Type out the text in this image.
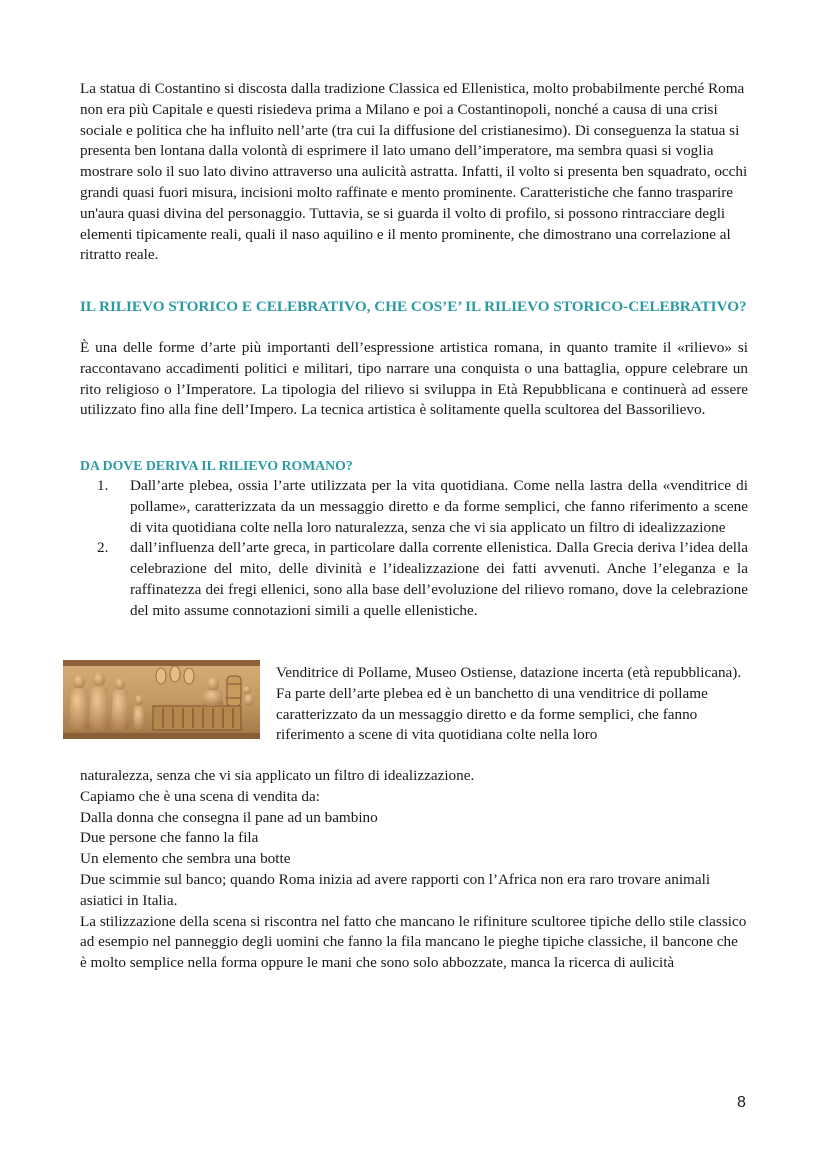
La statua di Costantino si discosta dalla tradizione Classica ed Ellenistica, molto probabilmente perché Roma non era più Capitale e questi risiedeva prima a Milano e poi a Costantinopoli, nonché a causa di una crisi sociale e politica che ha influito nell’arte (tra cui la diffusione del cristianesimo). Di conseguenza la statua si presenta ben lontana dalla volontà di esprimere il lato umano dell’imperatore, ma sembra quasi si voglia mostrare solo il suo lato divino attraverso una aulicità astratta. Infatti, il volto si presenta ben squadrato, occhi grandi quasi fuori misura, incisioni molto raffinate e mento prominente. Caratteristiche che fanno trasparire un'aura quasi divina del personaggio. Tuttavia, se si guarda il volto di profilo, si possono rintracciare degli elementi tipicamente reali, quali il naso aquilino e il mento prominente, che dimostrano una correlazione al ritratto reale.

IL RILIEVO STORICO E CELEBRATIVO, CHE COS’E’ IL RILIEVO STORICO-CELEBRATIVO?

È una delle forme d’arte più importanti dell’espressione artistica romana, in quanto tramite il «rilievo» si raccontavano accadimenti politici e militari, tipo narrare una conquista o una battaglia, oppure celebrare un rito religioso o l’Imperatore. La tipologia del rilievo si sviluppa in Età Repubblicana e continuerà ad essere utilizzato fino alla fine dell’Impero. La tecnica artistica è solitamente quella scultorea del Bassorilievo.

DA DOVE DERIVA IL RILIEVO ROMANO?
1. Dall’arte plebea, ossia l’arte utilizzata per la vita quotidiana. Come nella lastra della «venditrice di pollame», caratterizzata da un messaggio diretto e da forme semplici, che fanno riferimento a scene di vita quotidiana colte nella loro naturalezza, senza che vi sia applicato un filtro di idealizzazione
2. dall’influenza dell’arte greca, in particolare dalla corrente ellenistica. Dalla Grecia deriva l’idea della celebrazione del mito, delle divinità e l’idealizzazione dei fatti avvenuti. Anche l’eleganza e la raffinatezza dei fregi ellenici, sono alla base dell’evoluzione del rilievo romano, dove la celebrazione del mito assume connotazioni simili a quelle ellenistiche.
Venditrice di Pollame, Museo Ostiense, datazione incerta (età repubblicana).
Fa parte dell’arte plebea ed è un banchetto di una venditrice di pollame caratterizzato da un messaggio diretto e da forme semplici, che fanno riferimento a scene di vita quotidiana colte nella loro
naturalezza, senza che vi sia applicato un filtro di idealizzazione.
Capiamo che è una scena di vendita da:
Dalla donna che consegna il pane ad un bambino
Due persone che fanno la fila
Un elemento che sembra una botte
Due scimmie sul banco; quando Roma inizia ad avere rapporti con l’Africa non era raro trovare animali asiatici in Italia.
La stilizzazione della scena si riscontra nel fatto che mancano le rifiniture scultoree tipiche dello stile classico ad esempio nel panneggio degli uomini che fanno la fila mancano le pieghe tipiche classiche, il bancone che è molto semplice nella forma oppure le mani che sono solo abbozzate, manca la ricerca di aulicità
8
